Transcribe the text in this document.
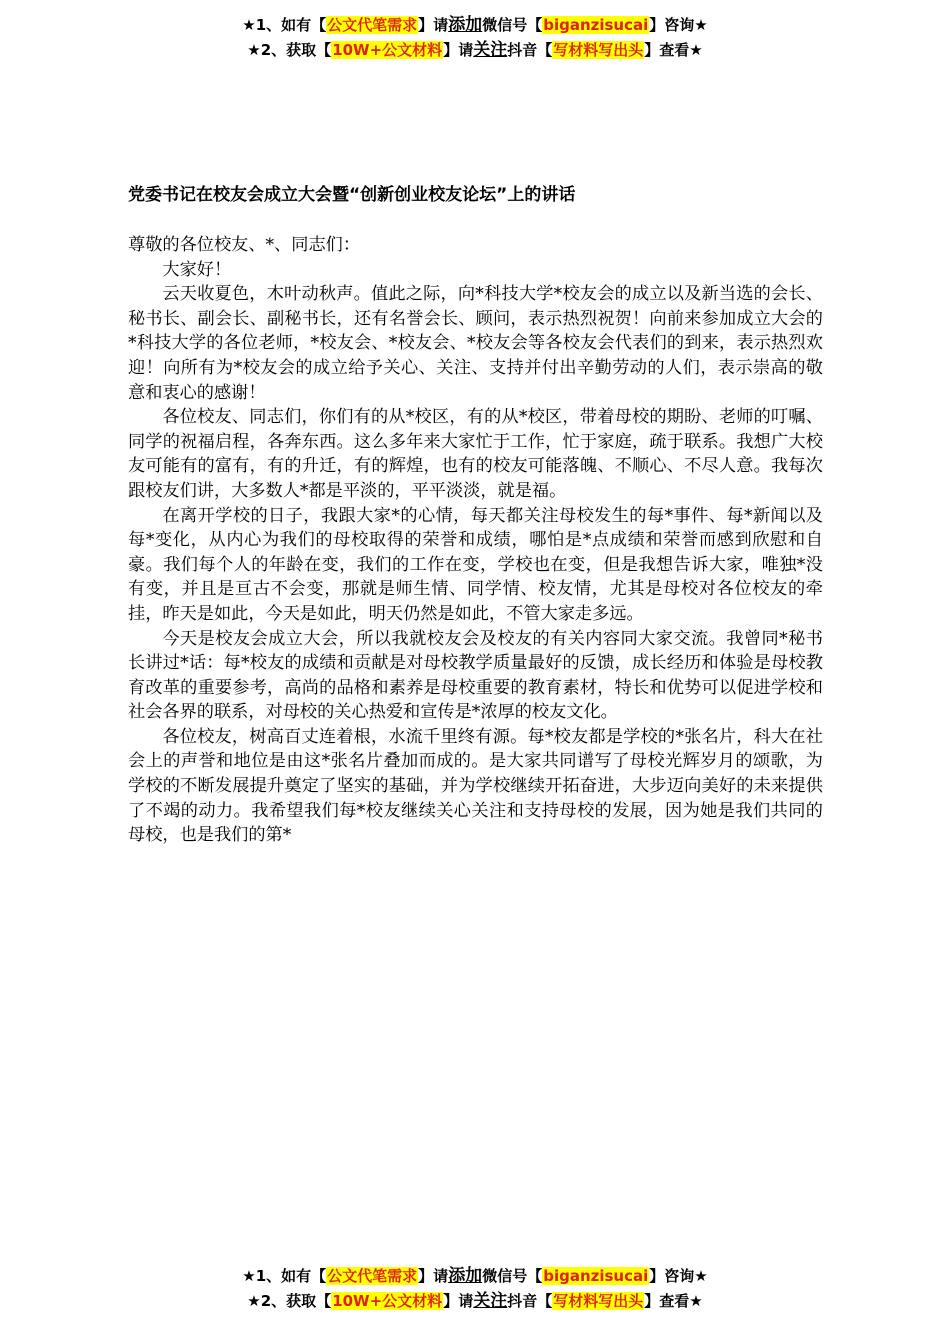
★1、如有【公文代笔需求】请添加微信号【biganzisucai】咨询★
★2、获取【10W+公文材料】请关注抖音【写材料写出头】查看★
党委书记在校友会成立大会暨“创新创业校友论坛”上的讲话

尊敬的各位校友、*、同志们：

大家好！

云天收夏色，木叶动秋声。值此之际，向*科技大学*校友会的成立以及新当选的会长、秘书长、副会长、副秘书长，还有名誉会长、顾问，表示热烈祝贺！向前来参加成立大会的*科技大学的各位老师，*校友会、*校友会、*校友会等各校友会代表们的到来，表示热烈欢迎！向所有为*校友会的成立给予关心、关注、支持并付出辛勤劳动的人们，表示崇高的敬意和衷心的感谢！

各位校友、同志们，你们有的从*校区，有的从*校区，带着母校的期盼、老师的叮嘱、同学的祝福启程，各奔东西。这么多年来大家忙于工作，忙于家庭，疏于联系。我想广大校友可能有的富有，有的升迁，有的辉煌，也有的校友可能落魄、不顺心、不尽人意。我每次跟校友们讲，大多数人*都是平淡的，平平淡淡，就是福。

在离开学校的日子，我跟大家*的心情，每天都关注母校发生的每*事件、每*新闻以及每*变化，从内心为我们的母校取得的荣誉和成绩，哪怕是*点成绩和荣誉而感到欣慰和自豪。我们每个人的年龄在变，我们的工作在变，学校也在变，但是我想告诉大家，唯独*没有变，并且是亘古不会变，那就是师生情、同学情、校友情，尤其是母校对各位校友的牵挂，昨天是如此，今天是如此，明天仍然是如此，不管大家走多远。

今天是校友会成立大会，所以我就校友会及校友的有关内容同大家交流。我曾同*秘书长讲过*话：每*校友的成绩和贡献是对母校教学质量最好的反馈，成长经历和体验是母校教育改革的重要参考，高尚的品格和素养是母校重要的教育素材，特长和优势可以促进学校和社会各界的联系，对母校的关心热爱和宣传是*浓厚的校友文化。

各位校友，树高百丈连着根，水流千里终有源。每*校友都是学校的*张名片，科大在社会上的声誉和地位是由这*张名片叠加而成的。是大家共同谱写了母校光辉岁月的颂歌，为学校的不断发展提升奠定了坚实的基础，并为学校继续开拓奋进，大步迈向美好的未来提供了不竭的动力。我希望我们每*校友继续关心关注和支持母校的发展，因为她是我们共同的母校，也是我们的第*

★1、如有【公文代笔需求】请添加微信号【biganzisucai】咨询★
★2、获取【10W+公文材料】请关注抖音【写材料写出头】查看★
